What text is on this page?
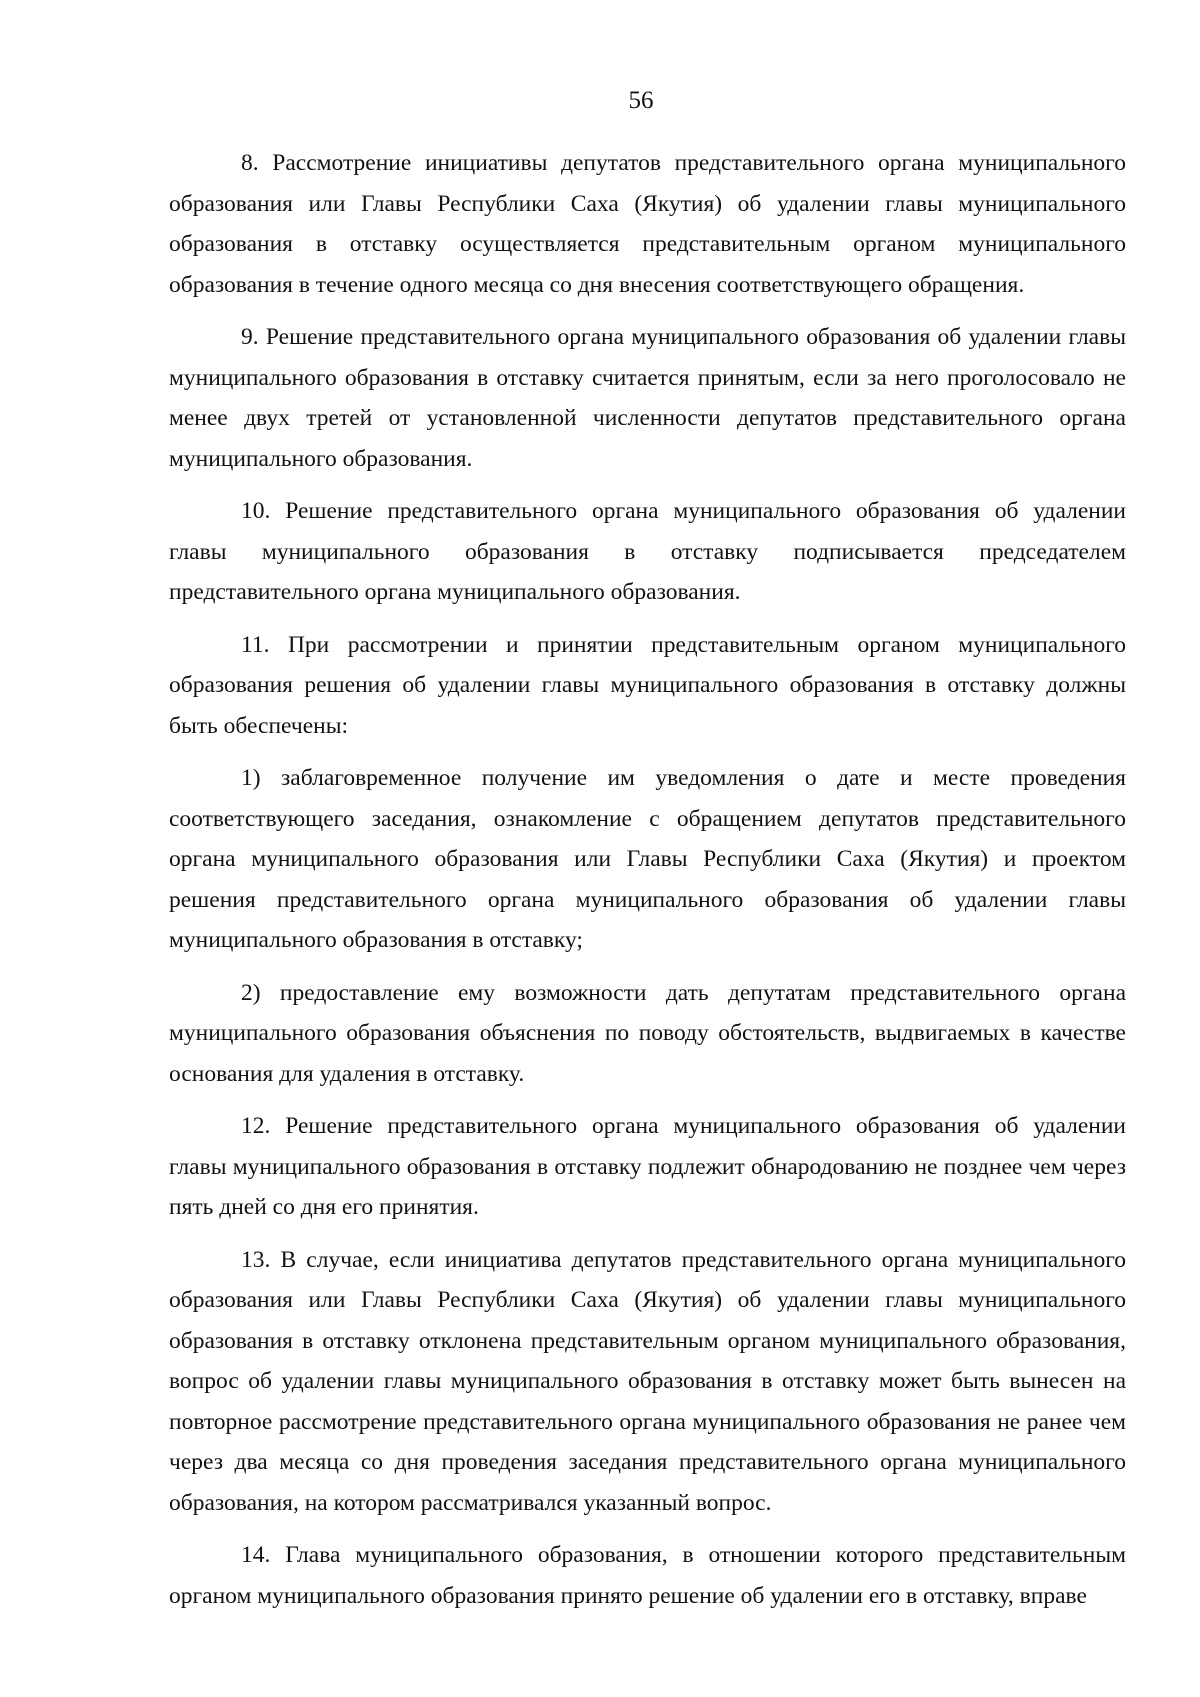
56

8. Рассмотрение инициативы депутатов представительного органа муниципального образования или Главы Республики Саха (Якутия) об удалении главы муниципального образования в отставку осуществляется представительным органом муниципального образования в течение одного месяца со дня внесения соответствующего обращения.

9. Решение представительного органа муниципального образования об удалении главы муниципального образования в отставку считается принятым, если за него проголосовало не менее двух третей от установленной численности депутатов представительного органа муниципального образования.

10. Решение представительного органа муниципального образования об удалении главы муниципального образования в отставку подписывается председателем представительного органа муниципального образования.

11. При рассмотрении и принятии представительным органом муниципального образования решения об удалении главы муниципального образования в отставку должны быть обеспечены:

1) заблаговременное получение им уведомления о дате и месте проведения соответствующего заседания, ознакомление с обращением депутатов представительного органа муниципального образования или Главы Республики Саха (Якутия) и проектом решения представительного органа муниципального образования об удалении главы муниципального образования в отставку;

2) предоставление ему возможности дать депутатам представительного органа муниципального образования объяснения по поводу обстоятельств, выдвигаемых в качестве основания для удаления в отставку.

12. Решение представительного органа муниципального образования об удалении главы муниципального образования в отставку подлежит обнародованию не позднее чем через пять дней со дня его принятия.

13. В случае, если инициатива депутатов представительного органа муниципального образования или Главы Республики Саха (Якутия) об удалении главы муниципального образования в отставку отклонена представительным органом муниципального образования, вопрос об удалении главы муниципального образования в отставку может быть вынесен на повторное рассмотрение представительного органа муниципального образования не ранее чем через два месяца со дня проведения заседания представительного органа муниципального образования, на котором рассматривался указанный вопрос.

14. Глава муниципального образования, в отношении которого представительным органом муниципального образования принято решение об удалении его в отставку, вправе
